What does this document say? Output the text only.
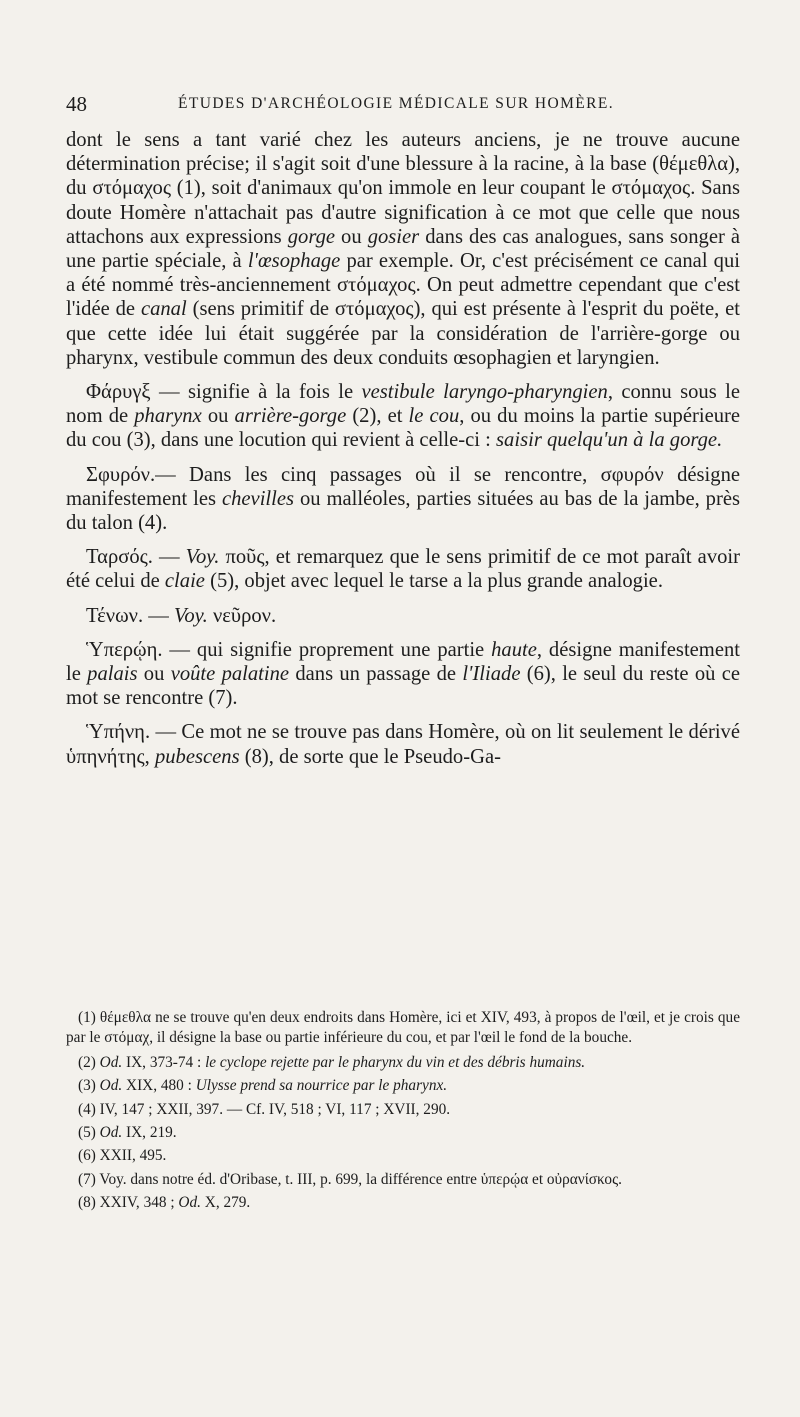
48	ÉTUDES D'ARCHÉOLOGIE MÉDICALE SUR HOMÈRE.

dont le sens a tant varié chez les auteurs anciens, je ne trouve aucune détermination précise; il s'agit soit d'une blessure à la racine, à la base (θέμεθλα), du στόμαχος (1), soit d'animaux qu'on immole en leur coupant le στόμαχος. Sans doute Homère n'attachait pas d'autre signification à ce mot que celle que nous attachons aux expressions gorge ou gosier dans des cas analogues, sans songer à une partie spéciale, à l'œsophage par exemple. Or, c'est précisément ce canal qui a été nommé très-anciennement στόμαχος. On peut admettre cependant que c'est l'idée de canal (sens primitif de στόμαχος), qui est présente à l'esprit du poëte, et que cette idée lui était suggérée par la considération de l'arrière-gorge ou pharynx, vestibule commun des deux conduits œsophagien et laryngien.

Φάρυγξ — signifie à la fois le vestibule laryngo-pharyngien, connu sous le nom de pharynx ou arrière-gorge (2), et le cou, ou du moins la partie supérieure du cou (3), dans une locution qui revient à celle-ci : saisir quelqu'un à la gorge.

Σφυρόν.— Dans les cinq passages où il se rencontre, σφυρόν désigne manifestement les chevilles ou malléoles, parties situées au bas de la jambe, près du talon (4).

Ταρσός. — Voy. ποῦς, et remarquez que le sens primitif de ce mot paraît avoir été celui de claie (5), objet avec lequel le tarse a la plus grande analogie.

Τένων. — Voy. νεῦρον.

Ὑπερῴη. — qui signifie proprement une partie haute, désigne manifestement le palais ou voûte palatine dans un passage de l'Iliade (6), le seul du reste où ce mot se rencontre (7).

Ὑπήνη. — Ce mot ne se trouve pas dans Homère, où on lit seulement le dérivé ὑπηνήτης, pubescens (8), de sorte que le Pseudo-Ga-

(1) θέμεθλα ne se trouve qu'en deux endroits dans Homère, ici et XIV, 493, à propos de l'œil, et je crois que par le στόμαχ, il désigne la base ou partie inférieure du cou, et par l'œil le fond de la bouche.

(2) Od. IX, 373-74 : le cyclope rejette par le pharynx du vin et des débris humains.

(3) Od. XIX, 480 : Ulysse prend sa nourrice par le pharynx.

(4) IV, 147 ; XXII, 397. — Cf. IV, 518 ; VI, 117 ; XVII, 290.

(5) Od. IX, 219.

(6) XXII, 495.

(7) Voy. dans notre éd. d'Oribase, t. III, p. 699, la différence entre ὑπερῴα et οὐρανίσκος.

(8) XXIV, 348 ; Od. X, 279.
